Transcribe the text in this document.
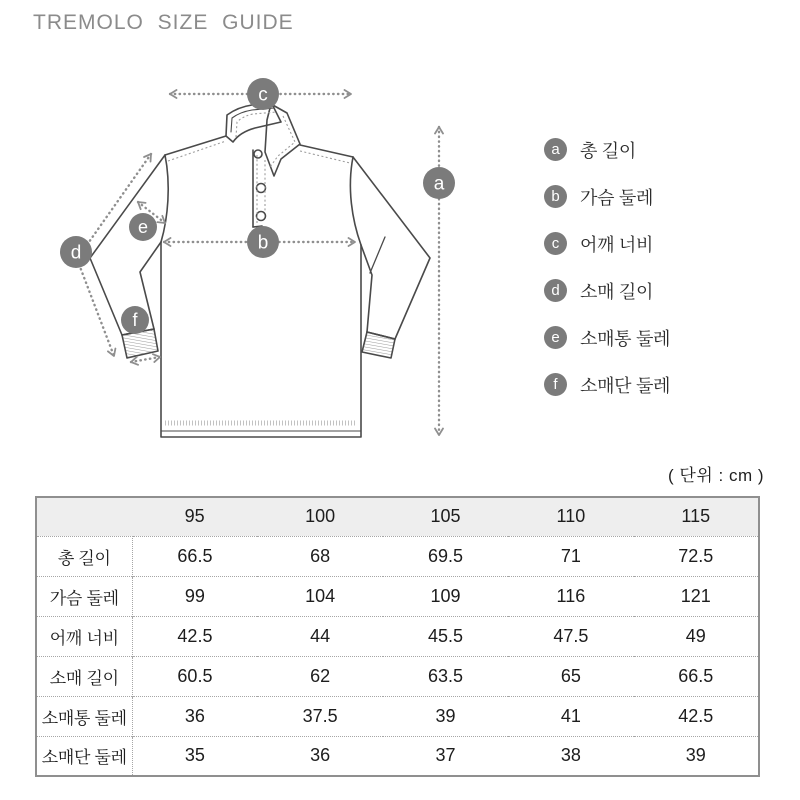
TREMOLO SIZE GUIDE
c
a
b
d
e
f
a	총 길이
b	가슴 둘레
c	어깨 너비
d	소매 길이
e	소매통 둘레
f	소매단 둘레
( 단위 : cm )
	95	100	105	110	115
총 길이	66.5	68	69.5	71	72.5
가슴 둘레	99	104	109	116	121
어깨 너비	42.5	44	45.5	47.5	49
소매 길이	60.5	62	63.5	65	66.5
소매통 둘레	36	37.5	39	41	42.5
소매단 둘레	35	36	37	38	39
